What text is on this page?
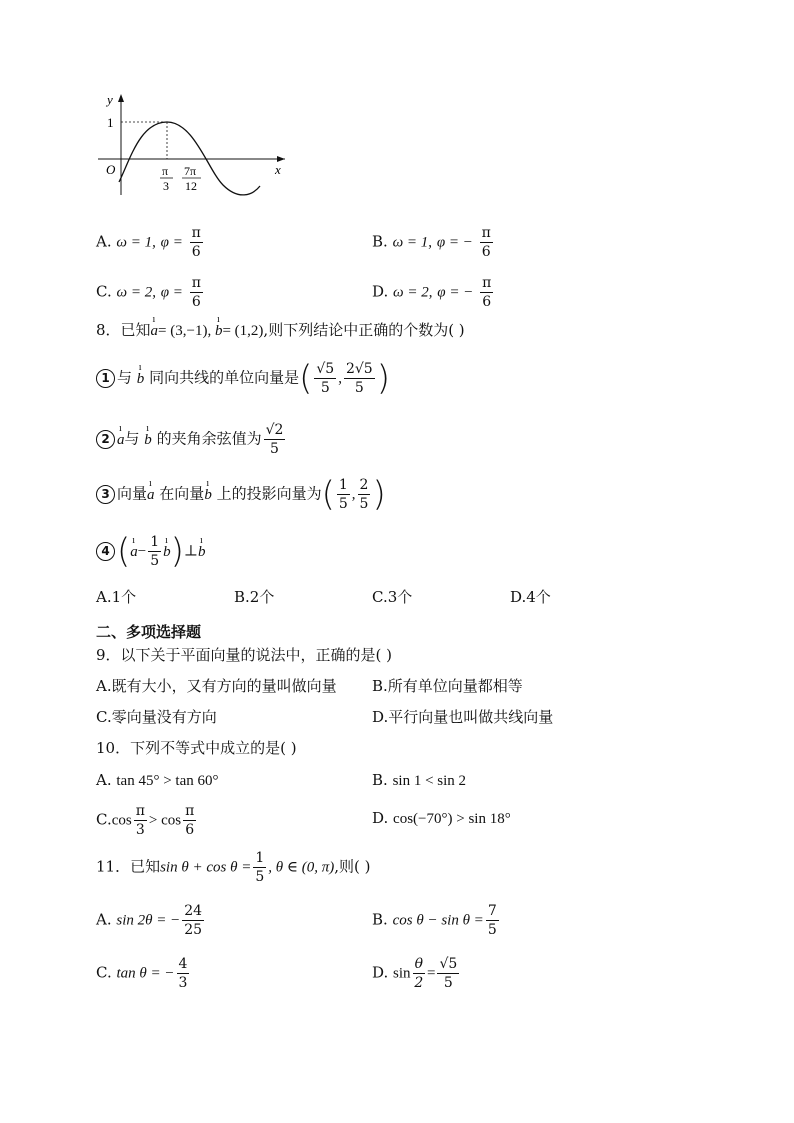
y
x
O
1
π
3
7π
12
A. ω = 1, $\varphi = \frac{\pi}{6}$	B. ω = 1, φ = − $\frac{\pi}{6}$
C. ω = 2, $\varphi = \frac{\pi}{6}$	D. ω = 2, φ = − $\frac{\pi}{6}$
8．已知ı a= (3,−1), ı b= (1,2),则下列结论中正确的个数为( )
1 与 ı b 同向共线的单位向量是( $\frac{√5}{5}$ , $\frac{2√5}{5}$ )
2 ı a与 ı b 的夹角余弦值为 $\frac{√2}{5}$
3 向量ı a 在向量ı b 上的投影向量为( $\frac{1}{5}$ , $\frac{2}{5}$ )
4 (ı $a- \frac{1}{5}$ ı b)⊥ı b
A.1个	B.2个	C.3个	D.4个
二、多项选择题
9．以下关于平面向量的说法中，正确的是( )
A.既有大小，又有方向的量叫做向量 B.所有单位向量都相等
C.零向量没有方向	D.平行向量也叫做共线向量
10．下列不等式中成立的是( )
A. tan 45° > tan 60°	B. sin 1 < sin 2
$C.\cos \frac{\pi}{3} > \cos \frac{\pi}{6}$	D. cos(−70°) > sin 18°
11．已知$\sin \theta + \cos \theta = \frac{1}{5}$ , θ ∈ (0, π),则( )
A. sin 2θ = − $\frac{24}{25}$	B. $\cos \theta - \sin \theta = \frac{7}{5}$
C. tan θ = − $\frac{4}{3}$	D. $\sin \frac{\theta}{2} = \frac{√5}{5}$
